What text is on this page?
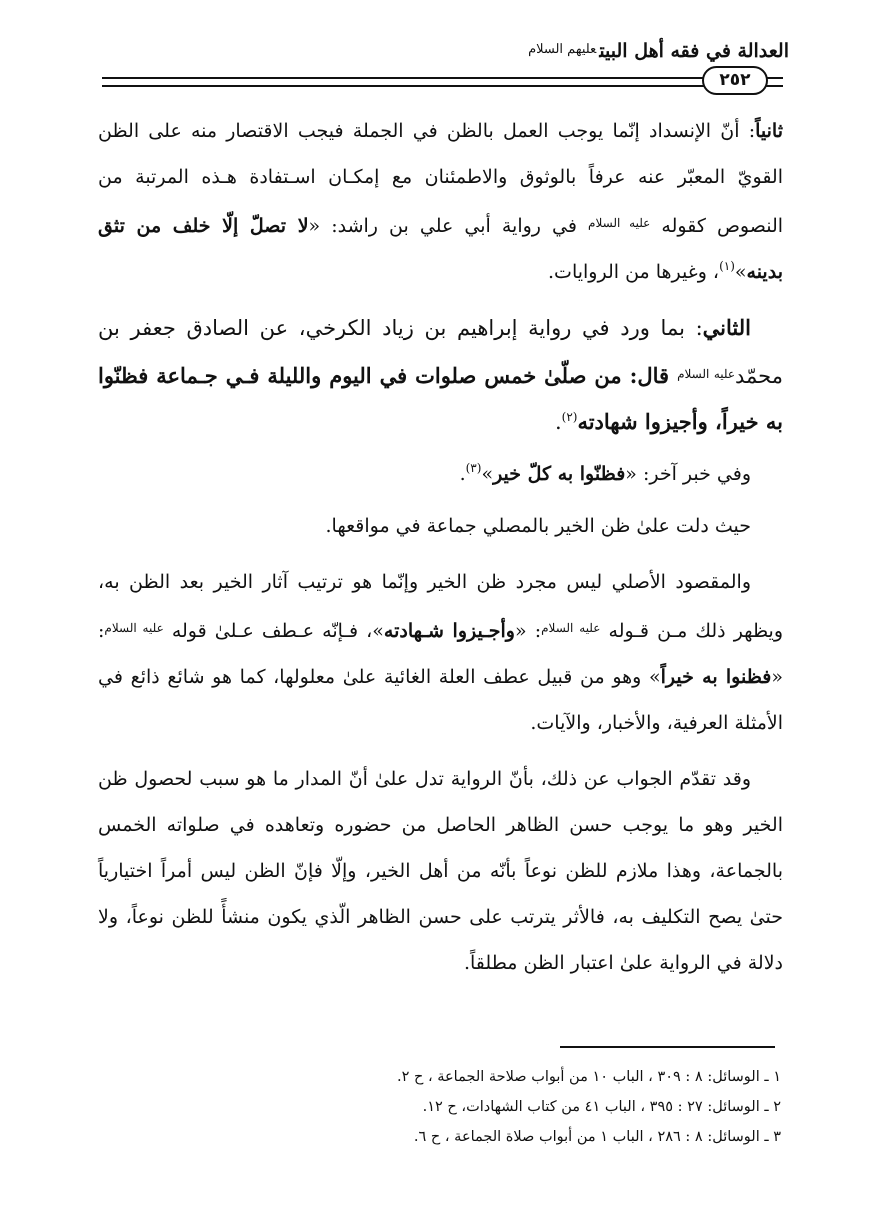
العدالة في فقه أهل البيت$^{عليهم السلام}$
٢٥٢

ثانياً: أنّ الإنسداد إنّما يوجب العمل بالظن في الجملة فيجب الاقتصار منه على الظن القويّ المعبّر عنه عرفاً بالوثوق والاطمئنان مع إمكـان اسـتفادة هـذه المرتبة من النصوص كقوله $^{عليه السلام}$ في رواية أبي علي بن راشد: «لا تصلّ إلّا خلف من تثق بدينه»$^{(١)}$، وغيرها من الروايات.

الثاني: بما ورد في رواية إبراهيم بن زياد الكرخي، عن الصادق جعفر بن محمّد$^{عليه السلام}$ قال: من صلّىٰ خمس صلوات في اليوم والليلة فـي جـماعة فظنّوا به خيراً، وأجيزوا شهادته$^{(٢)}$.

وفي خبر آخر: «فظنّوا به كلّ خير»$^{(٣)}$.

حيث دلت علىٰ ظن الخير بالمصلي جماعة في مواقعها.

والمقصود الأصلي ليس مجرد ظن الخير وإنّما هو ترتيب آثار الخير بعد الظن به، ويظهر ذلك مـن قـوله $^{عليه السلام}$: «وأجـيزوا شـهادته»، فـإنّه عـطف عـلىٰ قوله $^{عليه السلام}$: «فظنوا به خيراً» وهو من قبيل عطف العلة الغائية علىٰ معلولها، كما هو شائع ذائع في الأمثلة العرفية، والأخبار، والآيات.

وقد تقدّم الجواب عن ذلك، بأنّ الرواية تدل علىٰ أنّ المدار ما هو سبب لحصول ظن الخير وهو ما يوجب حسن الظاهر الحاصل من حضوره وتعاهده في صلواته الخمس بالجماعة، وهذا ملازم للظن نوعاً بأنّه من أهل الخير، وإلّا فإنّ الظن ليس أمراً اختيارياً حتىٰ يصح التكليف به، فالأثر يترتب على حسن الظاهر الّذي يكون منشأً للظن نوعاً، ولا دلالة في الرواية علىٰ اعتبار الظن مطلقاً.

١ ـ الوسائل: ٨ : ٣٠٩ ، الباب ١٠ من أبواب صلاحة الجماعة ، ح ٢.
٢ ـ الوسائل: ٢٧ : ٣٩٥ ، الباب ٤١ من كتاب الشهادات، ح ١٢.
٣ ـ الوسائل: ٨ : ٢٨٦ ، الباب ١ من أبواب صلاة الجماعة ، ح ٦.
